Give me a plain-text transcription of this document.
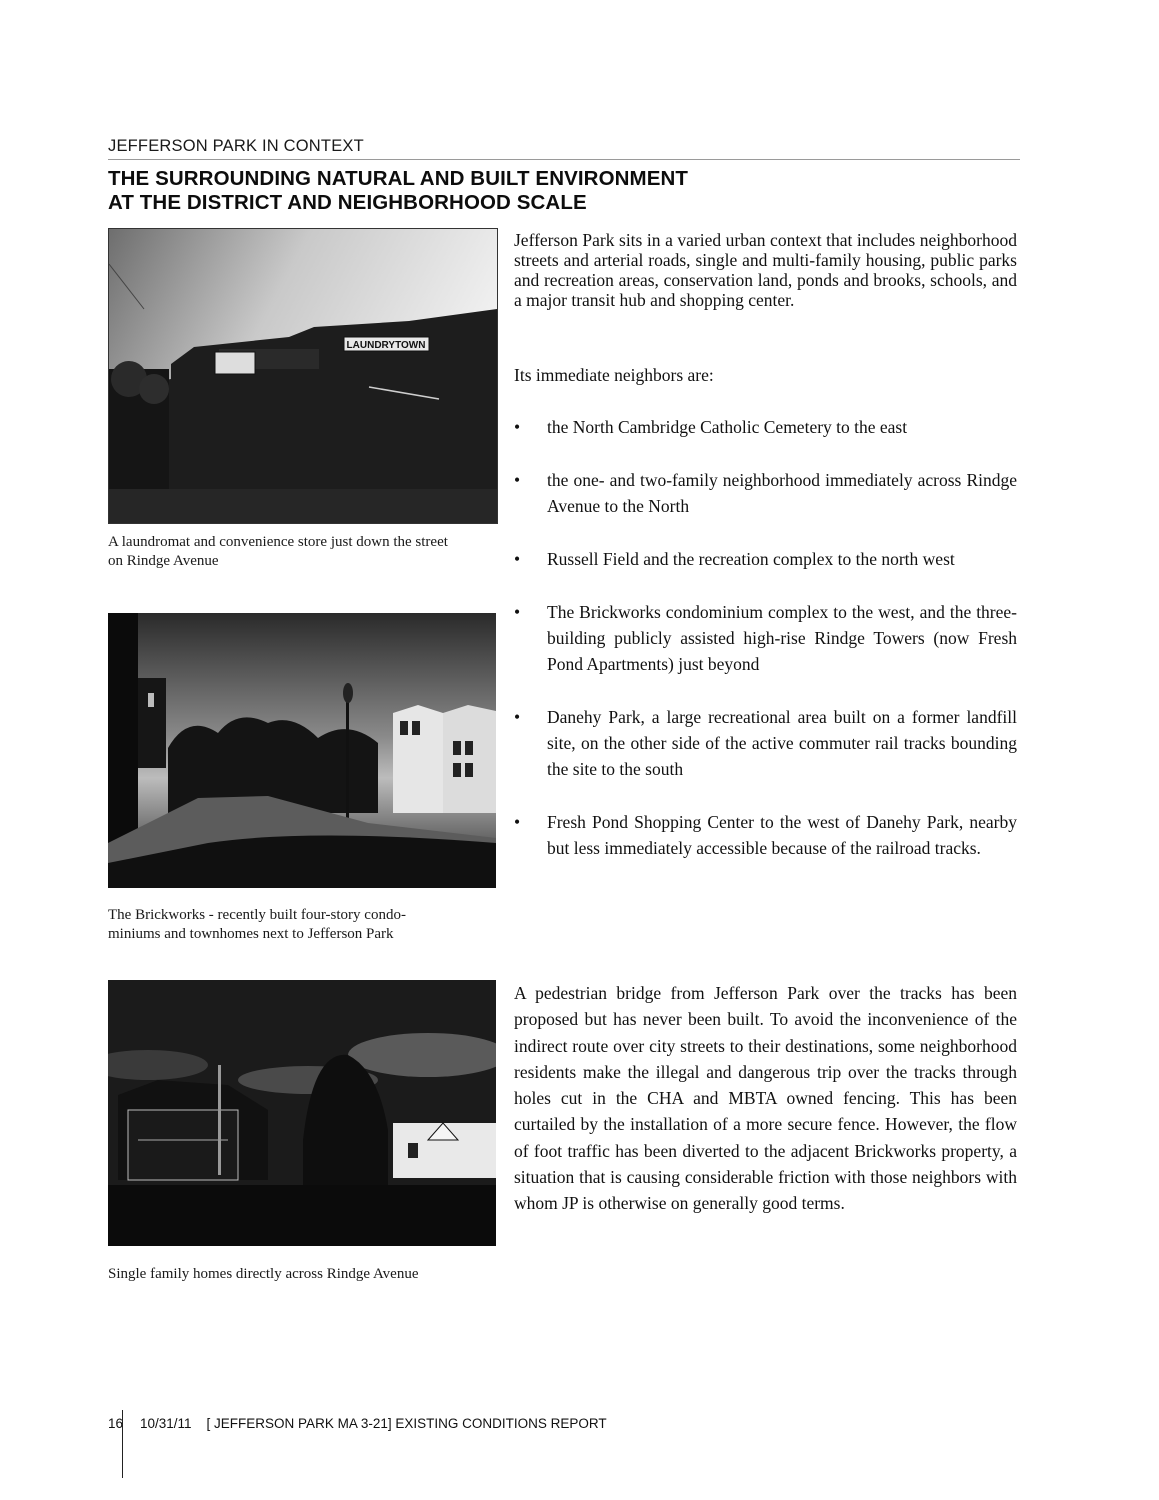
JEFFERSON PARK IN CONTEXT
THE SURROUNDING NATURAL AND BUILT ENVIRONMENT
AT THE DISTRICT AND NEIGHBORHOOD SCALE
LAUNDRYTOWN
A laundromat and convenience store just down the street on Rindge Avenue
The Brickworks - recently built four-story condo-miniums and townhomes next to Jefferson Park
Single family homes directly across Rindge Avenue

Jefferson Park sits in a varied urban context that includes neighborhood streets and arterial roads, single and multi-family housing, public parks and recreation areas, conservation land, ponds and brooks, schools, and a major transit hub and shopping center.

Its immediate neighbors are:

• the North Cambridge Catholic Cemetery to the east
• the one- and two-family neighborhood immediately across Rindge Avenue to the North
• Russell Field and the recreation complex to the north west
• The Brickworks condominium complex to the west, and the three-building publicly assisted high-rise Rindge Towers (now Fresh Pond Apartments) just beyond
• Danehy Park, a large recreational area built on a former landfill site, on the other side of the active commuter rail tracks bounding the site to the south
• Fresh Pond Shopping Center to the west of Danehy Park, nearby but less immediately accessible because of the railroad tracks.

A pedestrian bridge from Jefferson Park over the tracks has been proposed but has never been built. To avoid the inconvenience of the indirect route over city streets to their destinations, some neighborhood residents make the illegal and dangerous trip over the tracks through holes cut in the CHA and MBTA owned fencing. This has been curtailed by the installation of a more secure fence. However, the flow of foot traffic has been diverted to the adjacent Brickworks property, a situation that is causing considerable friction with those neighbors with whom JP is otherwise on generally good terms.

16 10/31/11    [ JEFFERSON PARK MA 3-21] EXISTING CONDITIONS REPORT
